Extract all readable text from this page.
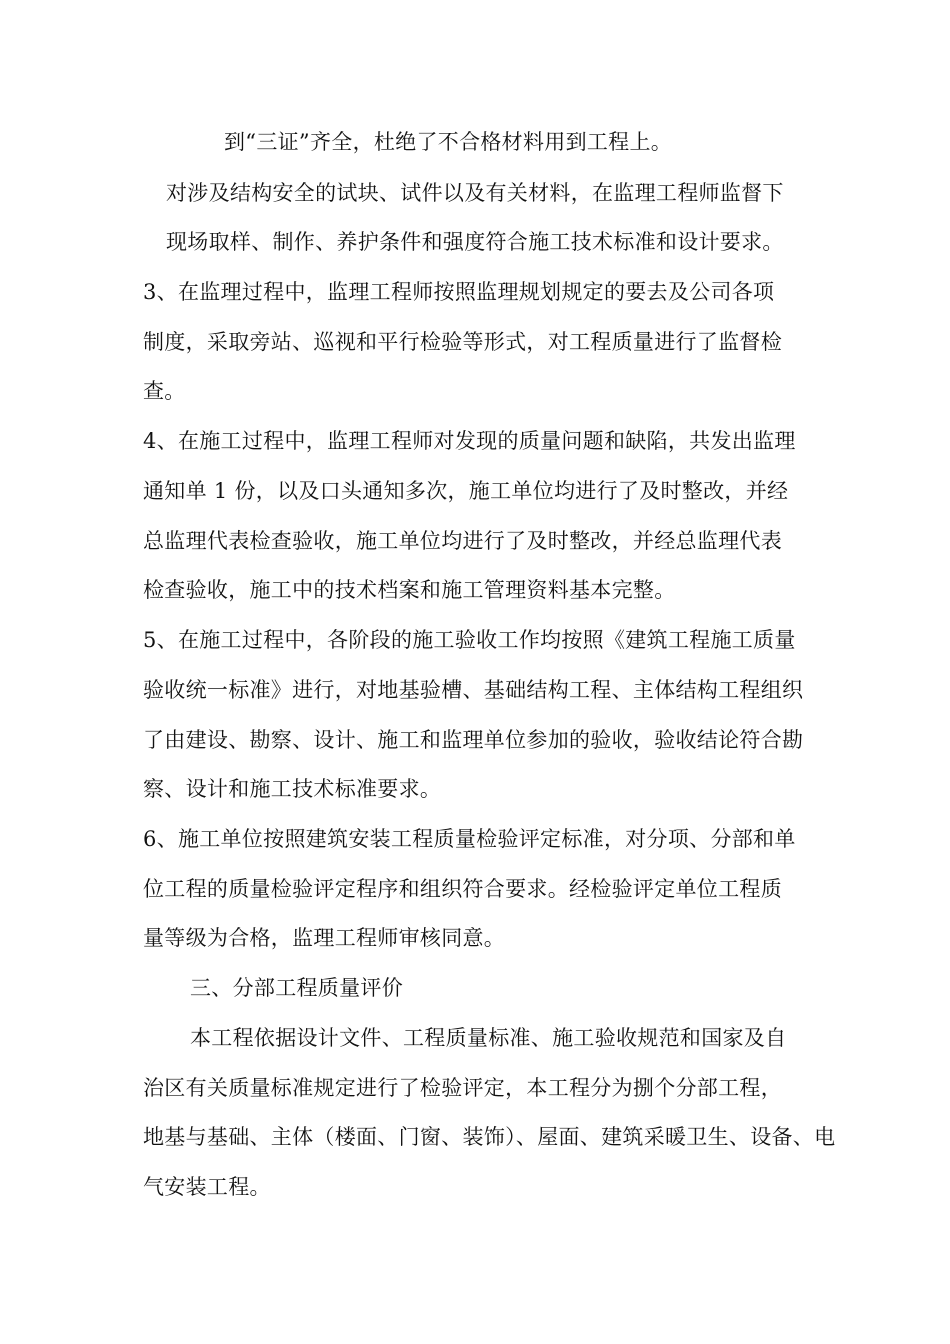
到“三证”齐全，杜绝了不合格材料用到工程上。
对涉及结构安全的试块、试件以及有关材料，在监理工程师监督下
现场取样、制作、养护条件和强度符合施工技术标准和设计要求。
3、在监理过程中，监理工程师按照监理规划规定的要去及公司各项
制度，采取旁站、巡视和平行检验等形式，对工程质量进行了监督检
查。
4、在施工过程中，监理工程师对发现的质量问题和缺陷，共发出监理
通知单 1 份，以及口头通知多次，施工单位均进行了及时整改，并经
总监理代表检查验收，施工单位均进行了及时整改，并经总监理代表
检查验收，施工中的技术档案和施工管理资料基本完整。
5、在施工过程中，各阶段的施工验收工作均按照《建筑工程施工质量
验收统一标准》进行，对地基验槽、基础结构工程、主体结构工程组织
了由建设、勘察、设计、施工和监理单位参加的验收，验收结论符合勘
察、设计和施工技术标准要求。
6、施工单位按照建筑安装工程质量检验评定标准，对分项、分部和单
位工程的质量检验评定程序和组织符合要求。经检验评定单位工程质
量等级为合格，监理工程师审核同意。
三、分部工程质量评价
本工程依据设计文件、工程质量标准、施工验收规范和国家及自
治区有关质量标准规定进行了检验评定，本工程分为捌个分部工程，
地基与基础、主体（楼面、门窗、装饰）、屋面、建筑采暖卫生、设备、电
气安装工程。
